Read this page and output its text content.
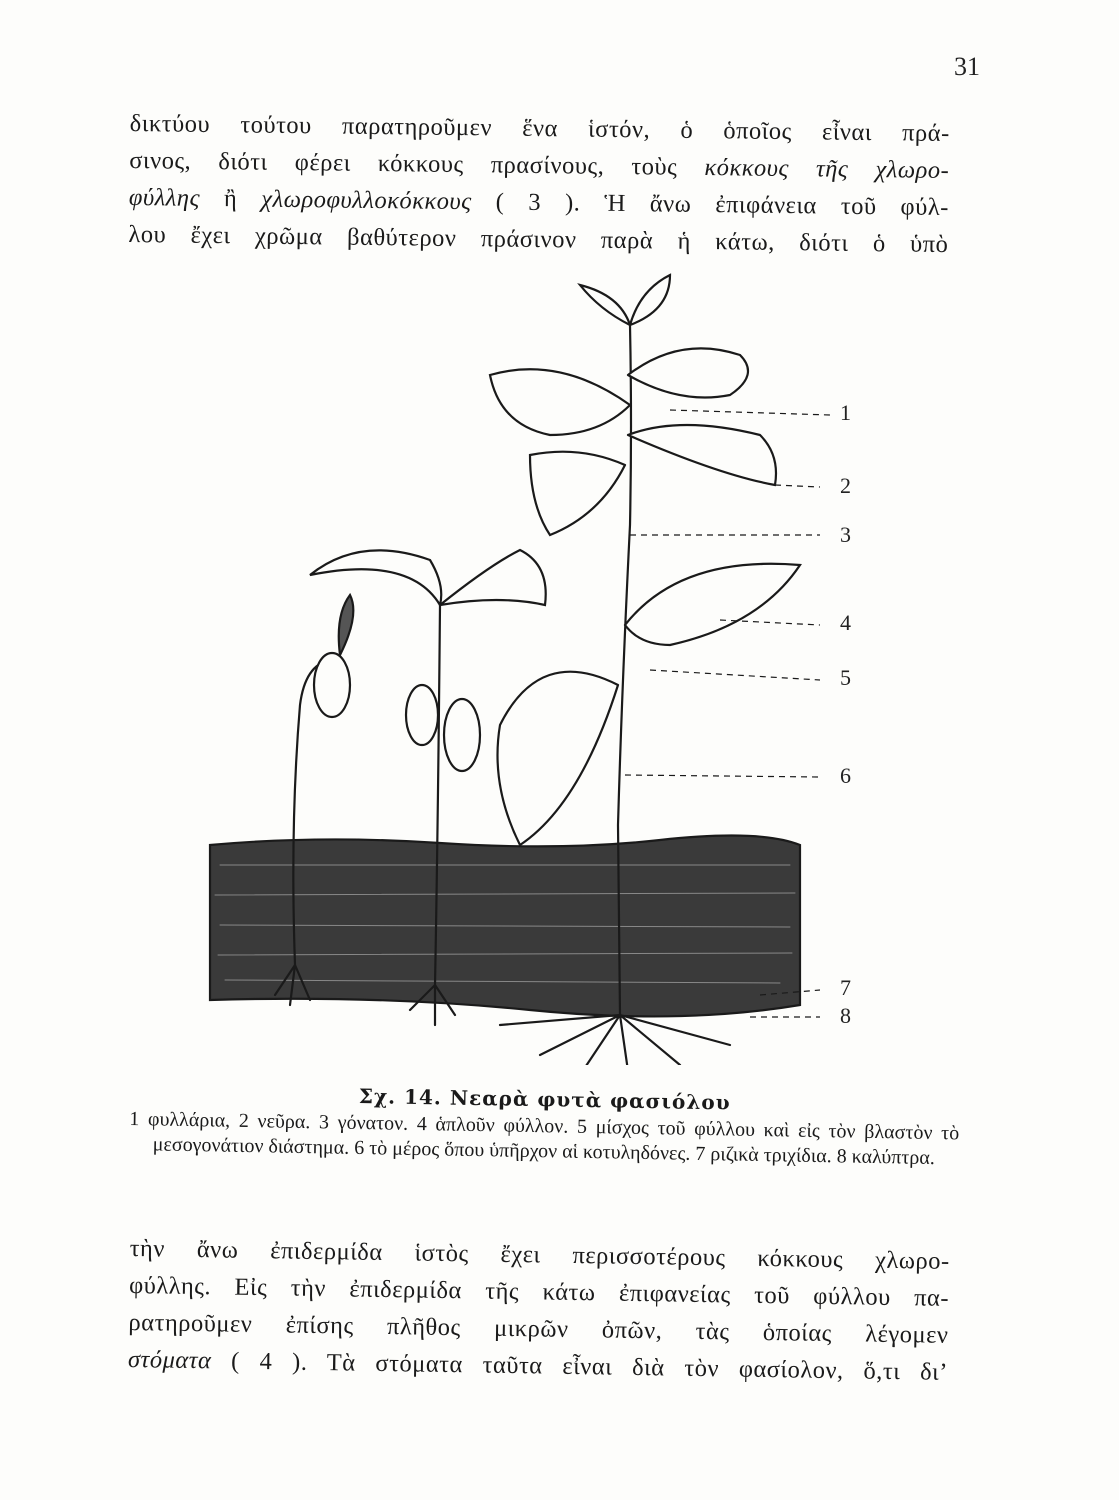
31
δικτύου τούτου παρατηροῦμεν ἕνα ἱστόν, ὁ ὁποῖος εἶναι πρά-
σινος, διότι φέρει κόκκους πρασίνους, τοὺς κόκκους τῆς χλωρο-
φύλλης ἢ χλωροφυλλοκόκκους ( 3 ). Ἡ ἄνω ἐπιφάνεια τοῦ φύλ-
λου ἔχει χρῶμα βαθύτερον πράσινον παρὰ ἡ κάτω, διότι ὁ ὑπὸ
1
2
3
4
5
6
7
8
Σχ. 14. Νεαρὰ φυτὰ φασιόλου
1 φυλλάρια, 2 νεῦρα. 3 γόνατον. 4 ἁπλοῦν φύλλον. 5 μίσχος τοῦ φύλλου καὶ εἰς τὸν βλαστὸν τὸ μεσογονάτιον διάστημα. 6 τὸ μέρος ὅπου ὑπῆρχον αἱ κοτυληδόνες. 7 ριζικὰ τριχίδια. 8 καλύπτρα.
τὴν ἄνω ἐπιδερμίδα ἱστὸς ἔχει περισσοτέρους κόκκους χλωρο-
φύλλης. Εἰς τὴν ἐπιδερμίδα τῆς κάτω ἐπιφανείας τοῦ φύλλου πα-
ρατηροῦμεν ἐπίσης πλῆθος μικρῶν ὀπῶν, τὰς ὁποίας λέγομεν
στόματα ( 4 ). Τὰ στόματα ταῦτα εἶναι διὰ τὸν φασίολον, ὅ,τι δι’
